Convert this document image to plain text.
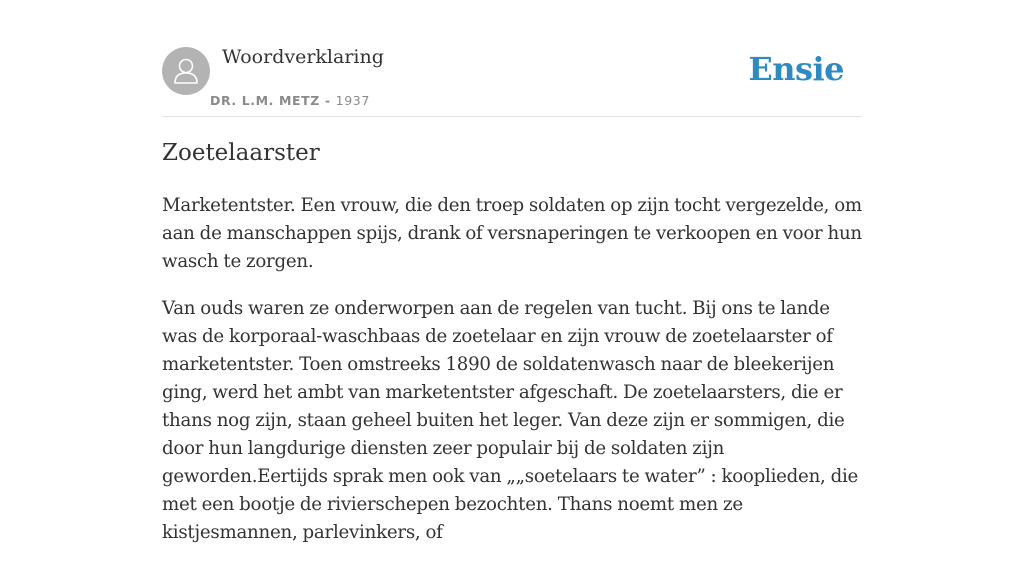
Woordverklaring
DR. L.M. METZ - 1937
Ensie
Zoetelaarster

Marketentster. Een vrouw, die den troep soldaten op zijn tocht vergezelde, om aan de manschappen spijs, drank of versnaperingen te verkoopen en voor hun wasch te zorgen.

Van ouds waren ze onderworpen aan de regelen van tucht. Bij ons te lande was de korporaal-waschbaas de zoetelaar en zijn vrouw de zoetelaarster of marketentster. Toen omstreeks 1890 de soldatenwasch naar de bleekerijen ging, werd het ambt van marketentster afgeschaft. De zoetelaarsters, die er thans nog zijn, staan geheel buiten het leger. Van deze zijn er sommigen, die door hun langdurige diensten zeer populair bij de soldaten zijn geworden.Eertijds sprak men ook van „„soetelaars te water” : kooplieden, die met een bootje de rivierschepen bezochten. Thans noemt men ze kistjesmannen, parlevinkers, of
